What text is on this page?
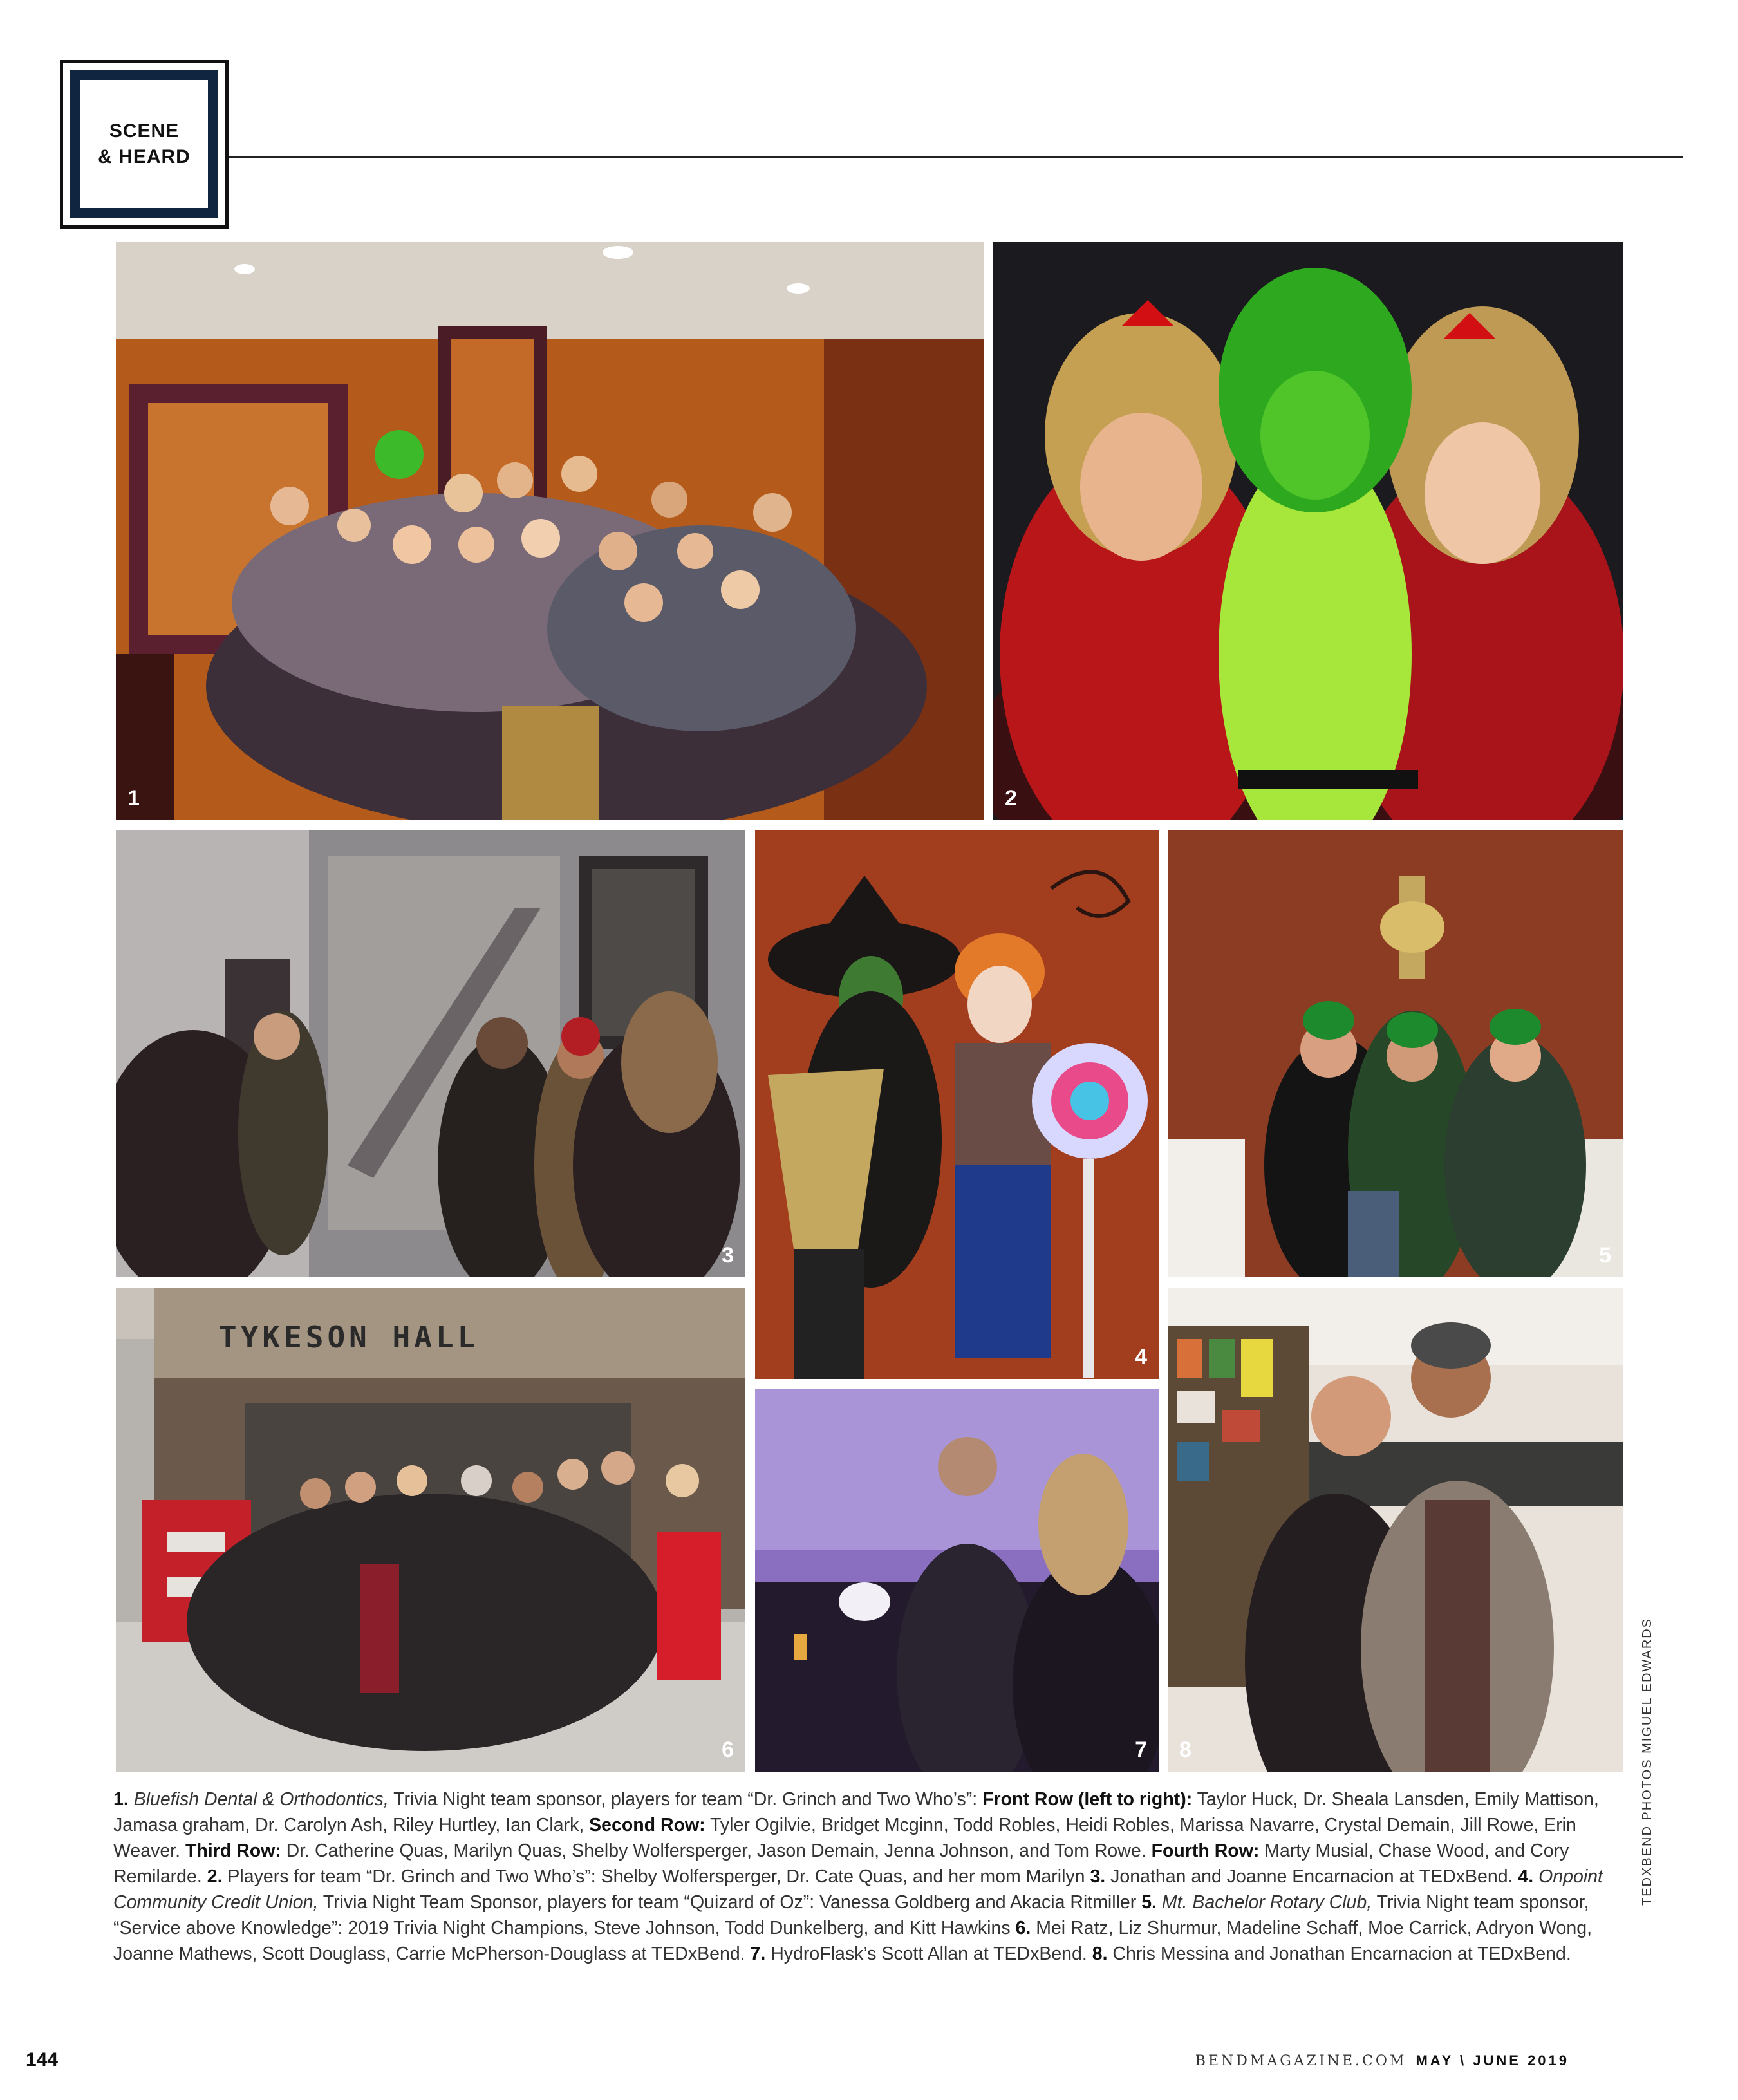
SCENE
& HEARD
1	2
3
4
5
TYKESON HALL
6	7 8
1. Bluefish Dental & Orthodontics, Trivia Night team sponsor, players for team “Dr. Grinch and Two Who’s”: Front Row (left to right): Taylor Huck, Dr. Sheala Lansden, Emily Mattison, Jamasa graham, Dr. Carolyn Ash, Riley Hurtley, Ian Clark, Second Row: Tyler Ogilvie, Bridget Mcginn, Todd Robles, Heidi Robles, Marissa Navarre, Crystal Demain, Jill Rowe, Erin Weaver. Third Row: Dr. Catherine Quas, Marilyn Quas, Shelby Wolfersperger, Jason Demain, Jenna Johnson, and Tom Rowe. Fourth Row: Marty Musial, Chase Wood, and Cory Remilarde. 2. Players for team “Dr. Grinch and Two Who’s”: Shelby Wolfersperger, Dr. Cate Quas, and her mom Marilyn 3. Jonathan and Joanne Encarnacion at TEDxBend. 4. Onpoint Community Credit Union, Trivia Night Team Sponsor, players for team “Quizard of Oz”: Vanessa Goldberg and Akacia Ritmiller 5. Mt. Bachelor Rotary Club, Trivia Night team sponsor, “Service above Knowledge”: 2019 Trivia Night Champions, Steve Johnson, Todd Dunkelberg, and Kitt Hawkins 6. Mei Ratz, Liz Shurmur, Madeline Schaff, Moe Carrick, Adryon Wong, Joanne Mathews, Scott Douglass, Carrie McPherson-Douglass at TEDxBend. 7. HydroFlask’s Scott Allan at TEDxBend. 8. Chris Messina and Jonathan Encarnacion at TEDxBend.
TEDXBEND PHOTOS MIGUEL EDWARDS
144	BENDMAGAZINE.COM MAY \ JUNE 2019
